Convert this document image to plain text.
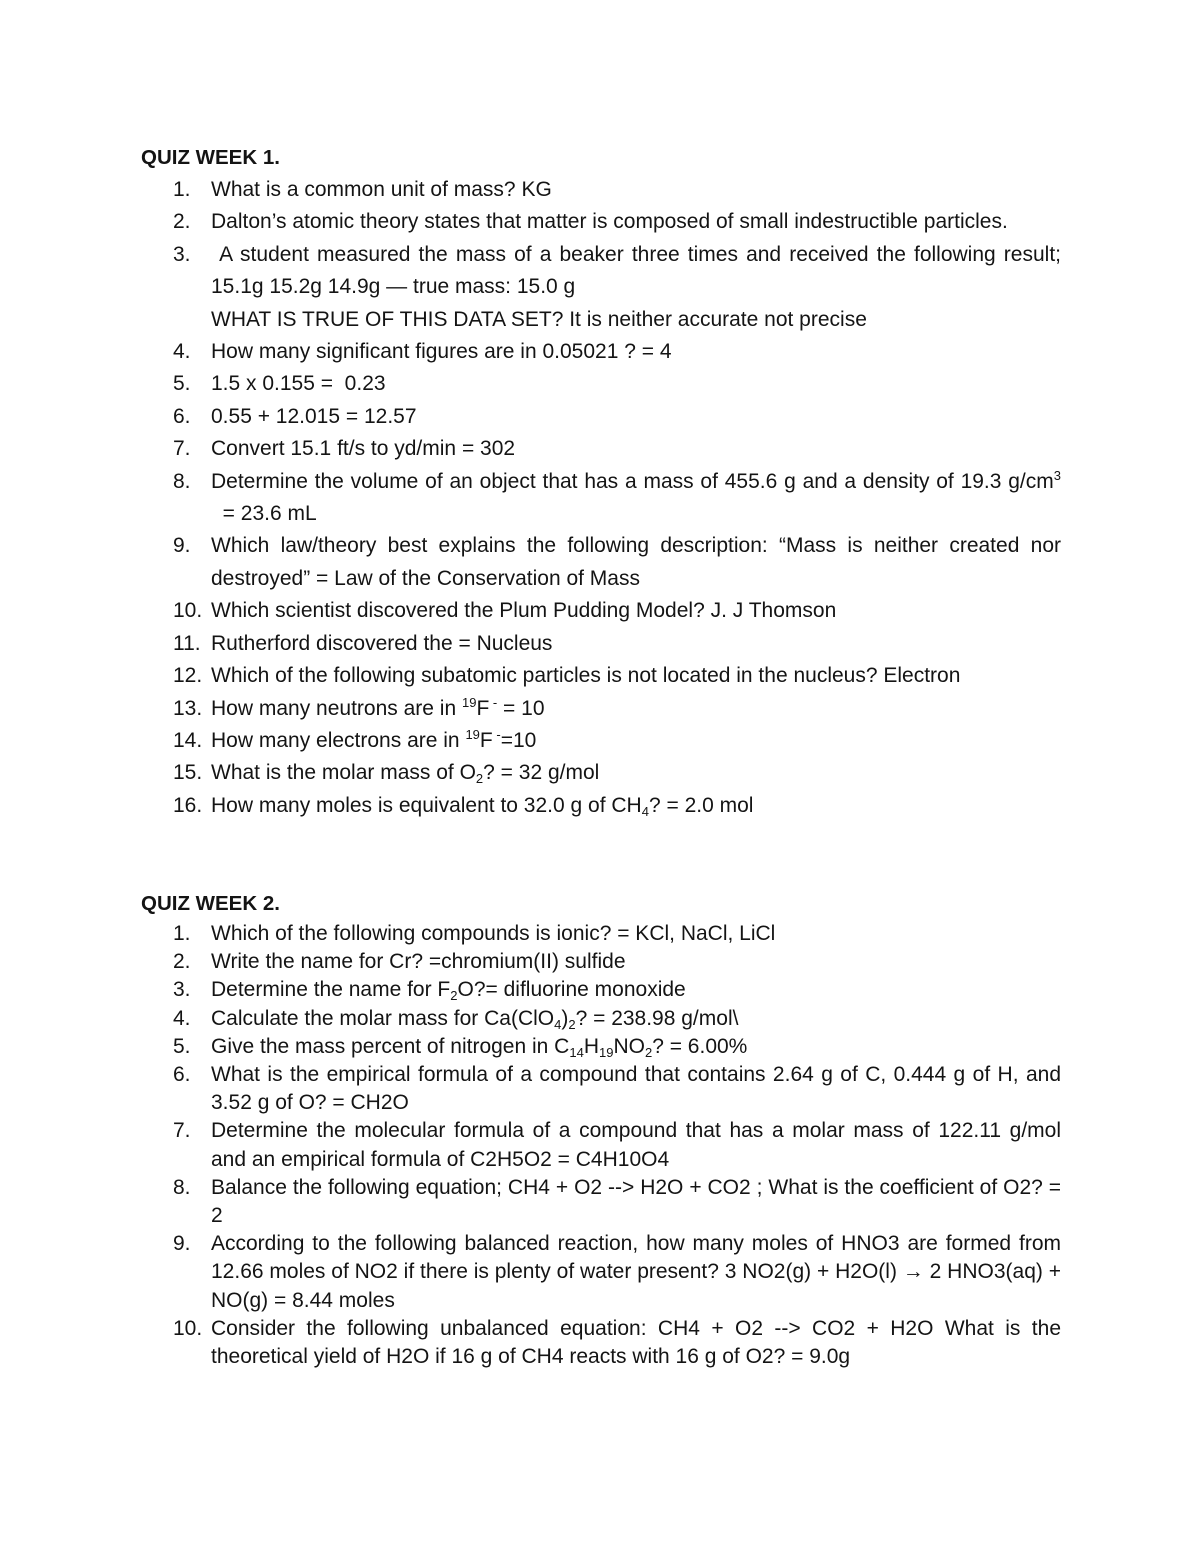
QUIZ WEEK 1.
1. What is a common unit of mass? KG
2. Dalton’s atomic theory states that matter is composed of small indestructible particles.
3. A student measured the mass of a beaker three times and received the following result; 15.1g 15.2g 14.9g — true mass: 15.0 g
WHAT IS TRUE OF THIS DATA SET? It is neither accurate not precise
4. How many significant figures are in 0.05021 ? = 4
5. 1.5 x 0.155 =  0.23
6. 0.55 + 12.015 = 12.57
7. Convert 15.1 ft/s to yd/min = 302
8. Determine the volume of an object that has a mass of 455.6 g and a density of 19.3 $g/cm^3 = 23.6$ mL
9. Which law/theory best explains the following description: “Mass is neither created nor destroyed” = Law of the Conservation of Mass
10. Which scientist discovered the Plum Pudding Model? J. J Thomson
11. Rutherford discovered the = Nucleus
12. Which of the following subatomic particles is not located in the nucleus? Electron
13. How many neutrons are in $^{19}$F - = 10
14. How many electrons are in $^{19}$F -=10
15. What is the molar mass of $O_2$? = 32 g/mol
16. How many moles is equivalent to 32.0 g of $CH_4$? = 2.0 mol
QUIZ WEEK 2.
1. Which of the following compounds is ionic? = KCl, NaCl, LiCl
2. Write the name for Cr? =chromium(II) sulfide
3. Determine the name for $F_2O?=$ difluorine monoxide
4. Calculate the molar mass for $Ca(ClO_4)_2$? = 238.98 g/mol\
5. Give the mass percent of nitrogen in $C_{14}H_{19}NO_2$? = 6.00%
6. What is the empirical formula of a compound that contains 2.64 g of C, 0.444 g of H, and 3.52 g of O? = CH2O
7. Determine the molecular formula of a compound that has a molar mass of 122.11 g/mol and an empirical formula of C2H5O2 = C4H10O4
8. Balance the following equation; CH4 + O2 --> H2O + CO2 ; What is the coefficient of O2? = 2
9. According to the following balanced reaction, how many moles of HNO3 are formed from 12.66 moles of NO2 if there is plenty of water present? 3 NO2(g) + H2O(l) → 2 HNO3(aq) + NO(g) = 8.44 moles
10. Consider the following unbalanced equation: CH4 + O2 --> CO2 + H2O What is the theoretical yield of H2O if 16 g of CH4 reacts with 16 g of O2? = 9.0g
